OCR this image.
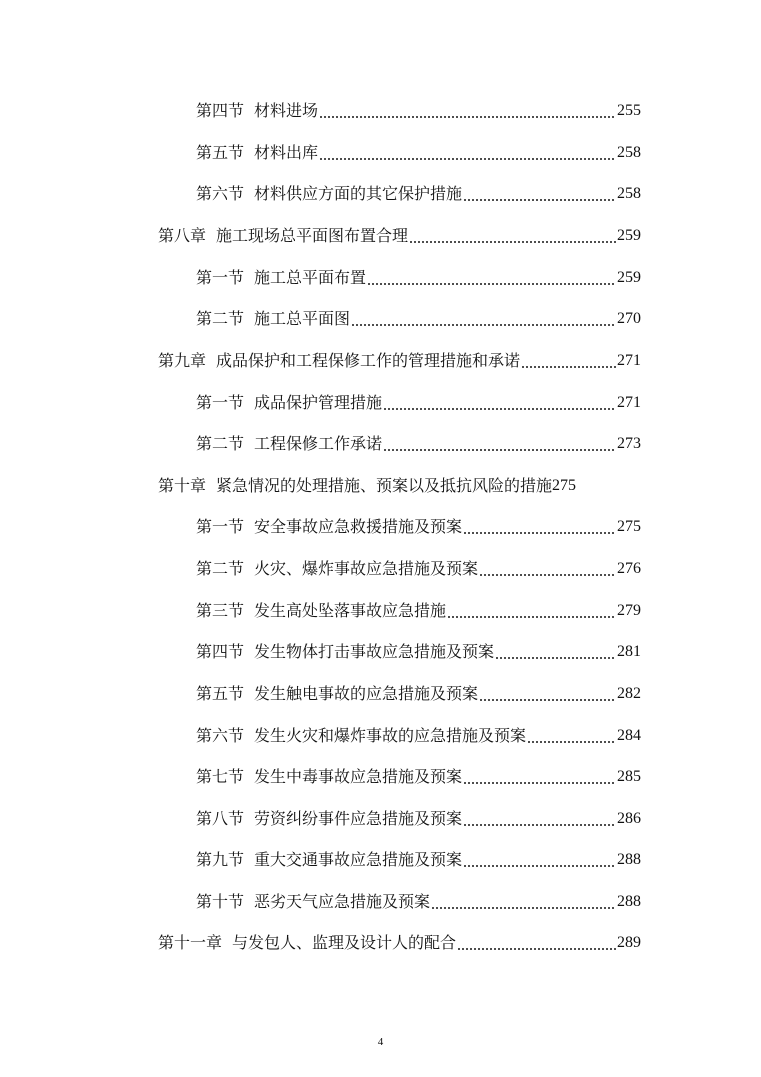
第四节 材料进场	255
第五节 材料出库	258
第六节 材料供应方面的其它保护措施	258
第八章 施工现场总平面图布置合理	259
第一节 施工总平面布置	259
第二节 施工总平面图	270
第九章 成品保护和工程保修工作的管理措施和承诺	271
第一节 成品保护管理措施	271
第二节 工程保修工作承诺	273
第十章 紧急情况的处理措施、预案以及抵抗风险的措施 275
第一节 安全事故应急救援措施及预案	275
第二节 火灾、爆炸事故应急措施及预案	276
第三节 发生高处坠落事故应急措施	279
第四节 发生物体打击事故应急措施及预案	281
第五节 发生触电事故的应急措施及预案	282
第六节 发生火灾和爆炸事故的应急措施及预案	284
第七节 发生中毒事故应急措施及预案	285
第八节 劳资纠纷事件应急措施及预案	286
第九节 重大交通事故应急措施及预案	288
第十节 恶劣天气应急措施及预案	288
第十一章 与发包人、监理及设计人的配合	289
4
